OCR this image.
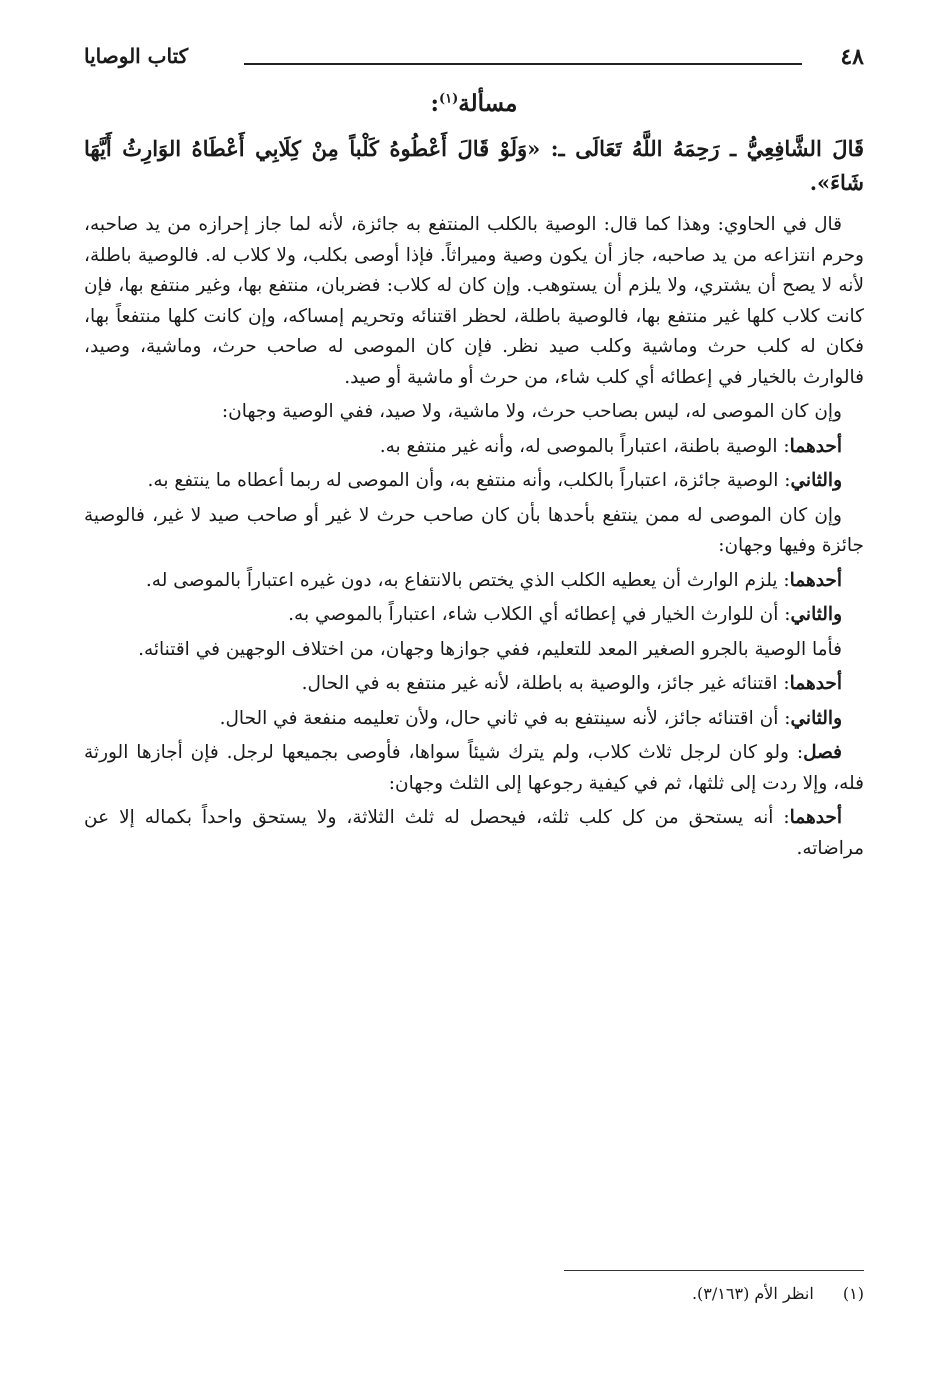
٤٨
كتاب الوصايا
مسألة$^{(١)}$:
قَالَ الشَّافِعِيُّ ـ رَحِمَهُ اللَّهُ تَعَالَى ـ: «وَلَوْ قَالَ أَعْطُوهُ كَلْباً مِنْ كِلَابِي أَعْطَاهُ الوَارِثُ أَيَّهَا شَاءَ».

قال في الحاوي: وهذا كما قال: الوصية بالكلب المنتفع به جائزة، لأنه لما جاز إحرازه من يد صاحبه، وحرم انتزاعه من يد صاحبه، جاز أن يكون وصية وميراثاً. فإذا أوصى بكلب، ولا كلاب له. فالوصية باطلة، لأنه لا يصح أن يشتري، ولا يلزم أن يستوهب. وإن كان له كلاب: فضربان، منتفع بها، وغير منتفع بها، فإن كانت كلاب كلها غير منتفع بها، فالوصية باطلة، لحظر اقتنائه وتحريم إمساكه، وإن كانت كلها منتفعاً بها، فكان له كلب حرث وماشية وكلب صيد نظر. فإن كان الموصى له صاحب حرث، وماشية، وصيد، فالوارث بالخيار في إعطائه أي كلب شاء، من حرث أو ماشية أو صيد.

وإن كان الموصى له، ليس بصاحب حرث، ولا ماشية، ولا صيد، ففي الوصية وجهان:

أحدهما: الوصية باطنة، اعتباراً بالموصى له، وأنه غير منتفع به.

والثاني: الوصية جائزة، اعتباراً بالكلب، وأنه منتفع به، وأن الموصى له ربما أعطاه ما ينتفع به.

وإن كان الموصى له ممن ينتفع بأحدها بأن كان صاحب حرث لا غير أو صاحب صيد لا غير، فالوصية جائزة وفيها وجهان:

أحدهما: يلزم الوارث أن يعطيه الكلب الذي يختص بالانتفاع به، دون غيره اعتباراً بالموصى له.

والثاني: أن للوارث الخيار في إعطائه أي الكلاب شاء، اعتباراً بالموصي به.

فأما الوصية بالجرو الصغير المعد للتعليم، ففي جوازها وجهان، من اختلاف الوجهين في اقتنائه.

أحدهما: اقتنائه غير جائز، والوصية به باطلة، لأنه غير منتفع به في الحال.

والثاني: أن اقتنائه جائز، لأنه سينتفع به في ثاني حال، ولأن تعليمه منفعة في الحال.

فصل: ولو كان لرجل ثلاث كلاب، ولم يترك شيئاً سواها، فأوصى بجميعها لرجل. فإن أجازها الورثة فله، وإلا ردت إلى ثلثها، ثم في كيفية رجوعها إلى الثلث وجهان:

أحدهما: أنه يستحق من كل كلب ثلثه، فيحصل له ثلث الثلاثة، ولا يستحق واحداً بكماله إلا عن مراضاته.

(١) انظر الأم (٣/١٦٣).
